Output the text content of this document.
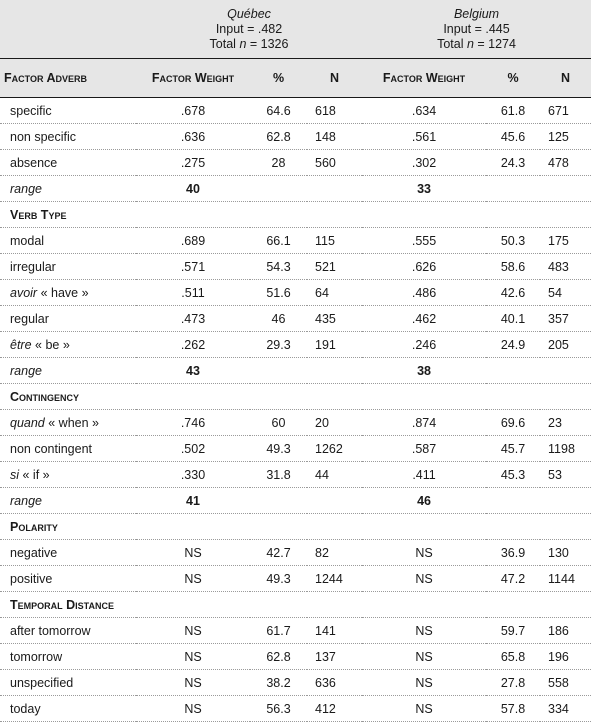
	Québec
Input = .482
Total n = 1326			Belgium
Input = .445
Total n = 1274		

Factor Adverb	Factor Weight	%	N	Factor Weight	%	N
specific	.678	64.6	618	.634	61.8	671
non specific	.636	62.8	148	.561	45.6	125
absence	.275	28	560	.302	24.3	478
range	40			33		
Verb Type						
modal	.689	66.1	115	.555	50.3	175
irregular	.571	54.3	521	.626	58.6	483
avoir « have »	.511	51.6	64	.486	42.6	54
regular	.473	46	435	.462	40.1	357
être « be »	.262	29.3	191	.246	24.9	205
range	43			38		
Contingency						
quand « when »	.746	60	20	.874	69.6	23
non contingent	.502	49.3	1262	.587	45.7	1198
si « if »	.330	31.8	44	.411	45.3	53
range	41			46		
Polarity						
negative	NS	42.7	82	NS	36.9	130
positive	NS	49.3	1244	NS	47.2	1144
Temporal Distance						
after tomorrow	NS	61.7	141	NS	59.7	186
tomorrow	NS	62.8	137	NS	65.8	196
unspecified	NS	38.2	636	NS	27.8	558
today	NS	56.3	412	NS	57.8	334
